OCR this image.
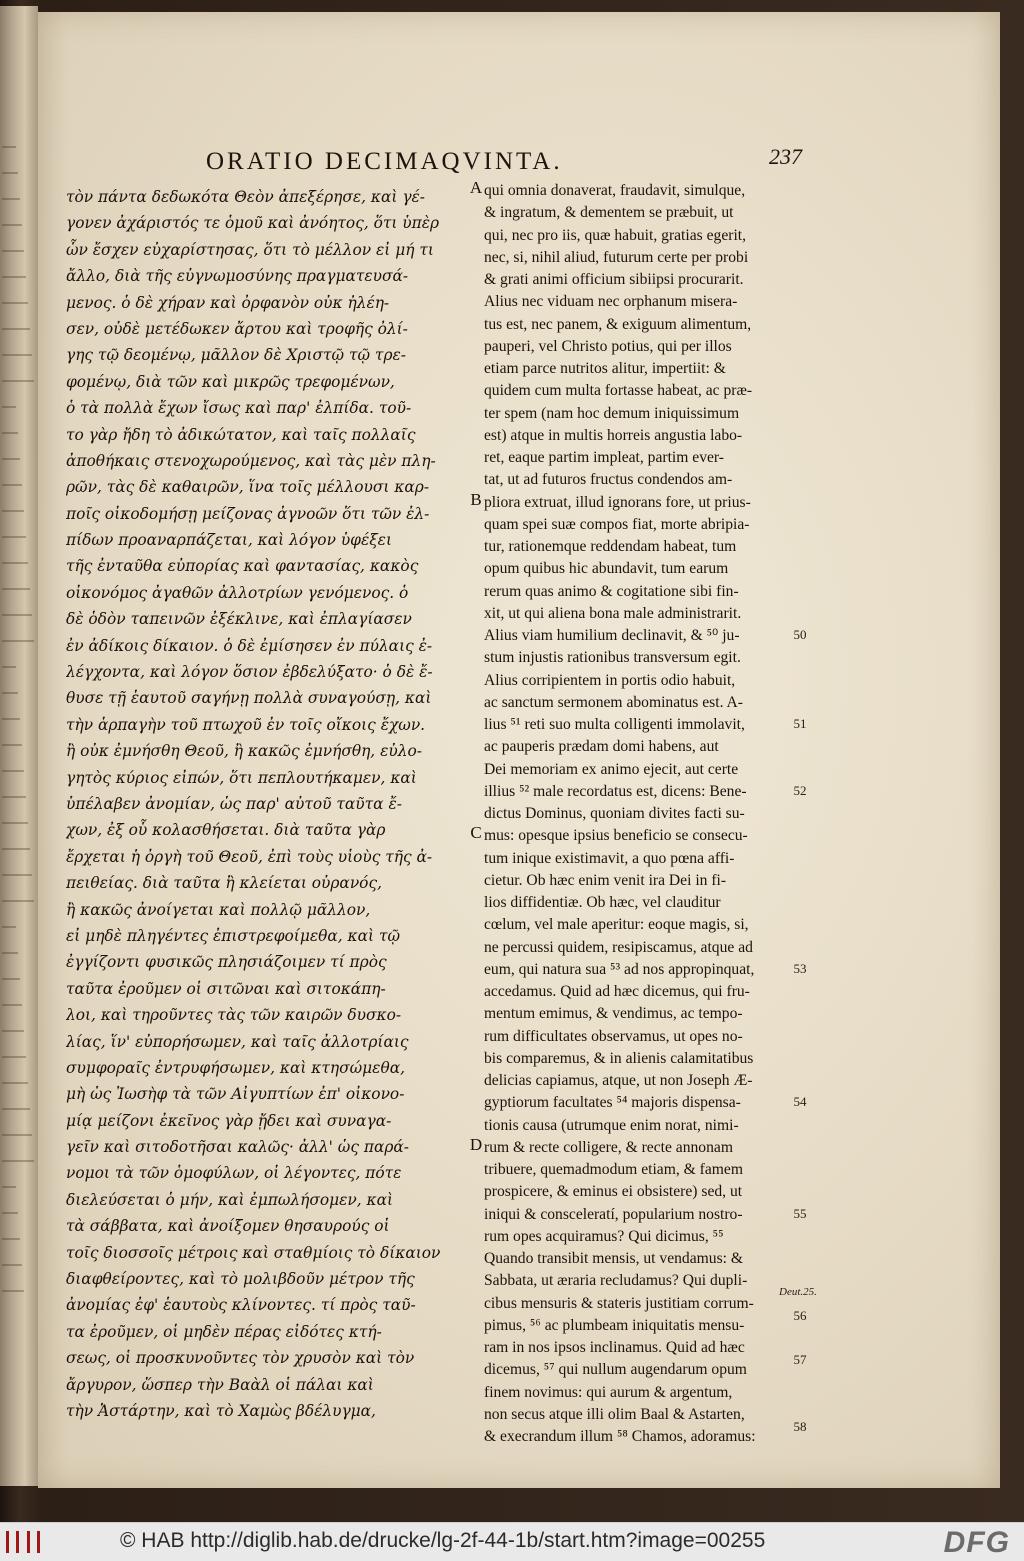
ORATIO DECIMAQVINTA.	237
τὸν πάντα δεδωκότα Θεὸν ἀπεξέρησε, καὶ γέ-
γονεν ἀχάριστός τε ὁμοῦ καὶ ἀνόητος, ὅτι ὑπὲρ
ὧν ἔσχεν εὐχαρίστησας, ὅτι τὸ μέλλον εἰ μή τι
ἄλλο, διὰ τῆς εὐγνωμοσύνης πραγματευσά-
μενος. ὁ δὲ χήραν καὶ ὀρφανὸν οὐκ ἠλέη-
σεν, οὐδὲ μετέδωκεν ἄρτου καὶ τροφῆς ὀλί-
γης τῷ δεομένῳ, μᾶλλον δὲ Χριστῷ τῷ τρε-
φομένῳ, διὰ τῶν καὶ μικρῶς τρεφομένων,
ὁ τὰ πολλὰ ἔχων ἴσως καὶ παρ' ἐλπίδα. τοῦ-
το γὰρ ἤδη τὸ ἀδικώτατον, καὶ ταῖς πολλαῖς
ἀποθήκαις στενοχωρούμενος, καὶ τὰς μὲν πλη-
ρῶν, τὰς δὲ καθαιρῶν, ἵνα τοῖς μέλλουσι καρ-
ποῖς οἰκοδομήσῃ μείζονας ἀγνοῶν ὅτι τῶν ἐλ-
πίδων προαναρπάζεται, καὶ λόγον ὑφέξει
τῆς ἐνταῦθα εὐπορίας καὶ φαντασίας, κακὸς
οἰκονόμος ἀγαθῶν ἀλλοτρίων γενόμενος. ὁ
δὲ ὁδὸν ταπεινῶν ἐξέκλινε, καὶ ἐπλαγίασεν
ἐν ἀδίκοις δίκαιον. ὁ δὲ ἐμίσησεν ἐν πύλαις ἐ-
λέγχοντα, καὶ λόγον ὅσιον ἐβδελύξατο· ὁ δὲ ἔ-
θυσε τῇ ἑαυτοῦ σαγήνῃ πολλὰ συναγούσῃ, καὶ
τὴν ἁρπαγὴν τοῦ πτωχοῦ ἐν τοῖς οἴκοις ἔχων.
ἢ οὐκ ἐμνήσθη Θεοῦ, ἢ κακῶς ἐμνήσθη, εὐλο-
γητὸς κύριος εἰπών, ὅτι πεπλουτήκαμεν, καὶ
ὑπέλαβεν ἀνομίαν, ὡς παρ' αὐτοῦ ταῦτα ἔ-
χων, ἐξ οὗ κολασθήσεται. διὰ ταῦτα γὰρ
ἔρχεται ἡ ὀργὴ τοῦ Θεοῦ, ἐπὶ τοὺς υἱοὺς τῆς ἀ-
πειθείας. διὰ ταῦτα ἢ κλείεται οὐρανός,
ἢ κακῶς ἀνοίγεται καὶ πολλῷ μᾶλλον,
εἰ μηδὲ πληγέντες ἐπιστρεφοίμεθα, καὶ τῷ
ἐγγίζοντι φυσικῶς πλησιάζοιμεν τί πρὸς
ταῦτα ἐροῦμεν οἱ σιτῶναι καὶ σιτοκάπη-
λοι, καὶ τηροῦντες τὰς τῶν καιρῶν δυσκο-
λίας, ἵν' εὐπορήσωμεν, καὶ ταῖς ἀλλοτρίαις
συμφοραῖς ἐντρυφήσωμεν, καὶ κτησώμεθα,
μὴ ὡς Ἰωσὴφ τὰ τῶν Αἰγυπτίων ἐπ' οἰκονο-
μίᾳ μείζονι ἐκεῖνος γὰρ ᾔδει καὶ συναγα-
γεῖν καὶ σιτοδοτῆσαι καλῶς· ἀλλ' ὡς παρά-
νομοι τὰ τῶν ὁμοφύλων, οἱ λέγοντες, πότε
διελεύσεται ὁ μήν, καὶ ἐμπωλήσομεν, καὶ
τὰ σάββατα, καὶ ἀνοίξομεν θησαυρούς οἱ
τοῖς διοσσοῖς μέτροις καὶ σταθμίοις τὸ δίκαιον
διαφθείροντες, καὶ τὸ μολιβδοῦν μέτρον τῆς
ἀνομίας ἐφ' ἑαυτοὺς κλίνοντες. τί πρὸς ταῦ-
τα ἐροῦμεν, οἱ μηδὲν πέρας εἰδότες κτή-
σεως, οἱ προσκυνοῦντες τὸν χρυσὸν καὶ τὸν
ἄργυρον, ὥσπερ τὴν Βαὰλ οἱ πάλαι καὶ
τὴν Ἀστάρτην, καὶ τὸ Χαμὼς βδέλυγμα,
qui omnia donaverat, fraudavit, simulque,
& ingratum, & dementem se præbuit, ut
qui, nec pro iis, quæ habuit, gratias egerit,
nec, si, nihil aliud, futurum certe per probi
& grati animi officium sibiipsi procurarit.
Alius nec viduam nec orphanum misera-
tus est, nec panem, & exiguum alimentum,
pauperi, vel Christo potius, qui per illos
etiam parce nutritos alitur, impertiit: &
quidem cum multa fortasse habeat, ac præ-
ter spem (nam hoc demum iniquissimum
est) atque in multis horreis angustia labo-
ret, eaque partim impleat, partim ever-
tat, ut ad futuros fructus condendos am-
pliora extruat, illud ignorans fore, ut prius-
quam spei suæ compos fiat, morte abripia-
tur, rationemque reddendam habeat, tum
opum quibus hic abundavit, tum earum
rerum quas animo & cogitatione sibi fin-
xit, ut qui aliena bona male administrarit.
Alius viam humilium declinavit, & ⁵⁰ ju-
stum injustis rationibus transversum egit.
Alius corripientem in portis odio habuit,
ac sanctum sermonem abominatus est. A-
lius ⁵¹ reti suo multa colligenti immolavit,
ac pauperis prædam domi habens, aut
Dei memoriam ex animo ejecit, aut certe
illius ⁵² male recordatus est, dicens: Bene-
dictus Dominus, quoniam divites facti su-
mus: opesque ipsius beneficio se consecu-
tum inique existimavit, a quo pœna affi-
cietur. Ob hæc enim venit ira Dei in fi-
lios diffidentiæ. Ob hæc, vel clauditur
cœlum, vel male aperitur: eoque magis, si,
ne percussi quidem, resipiscamus, atque ad
eum, qui natura sua ⁵³ ad nos appropinquat,
accedamus. Quid ad hæc dicemus, qui fru-
mentum emimus, & vendimus, ac tempo-
rum difficultates observamus, ut opes no-
bis comparemus, & in alienis calamitatibus
delicias capiamus, atque, ut non Joseph Æ-
gyptiorum facultates ⁵⁴ majoris dispensa-
tionis causa (utrumque enim norat, nimi-
rum & recte colligere, & recte annonam
tribuere, quemadmodum etiam, & famem
prospicere, & eminus ei obsistere) sed, ut
iniqui & consceleratí, popularium nostro-
rum opes acquiramus? Qui dicimus, ⁵⁵
Quando transibit mensis, ut vendamus: &
Sabbata, ut æraria recludamus? Qui dupli-
cibus mensuris & stateris justitiam corrum-
pimus, ⁵⁶ ac plumbeam iniquitatis mensu-
ram in nos ipsos inclinamus. Quid ad hæc
dicemus, ⁵⁷ qui nullum augendarum opum
finem novimus: qui aurum & argentum,
non secus atque illi olim Baal & Astarten,
& execrandum illum ⁵⁸ Chamos, adoramus:
A
B
C
D
50
51
52
53
54
55
Deut.25.
56
57
58
© HAB http://diglib.hab.de/drucke/lg-2f-44-1b/start.htm?image=00255	DFG
